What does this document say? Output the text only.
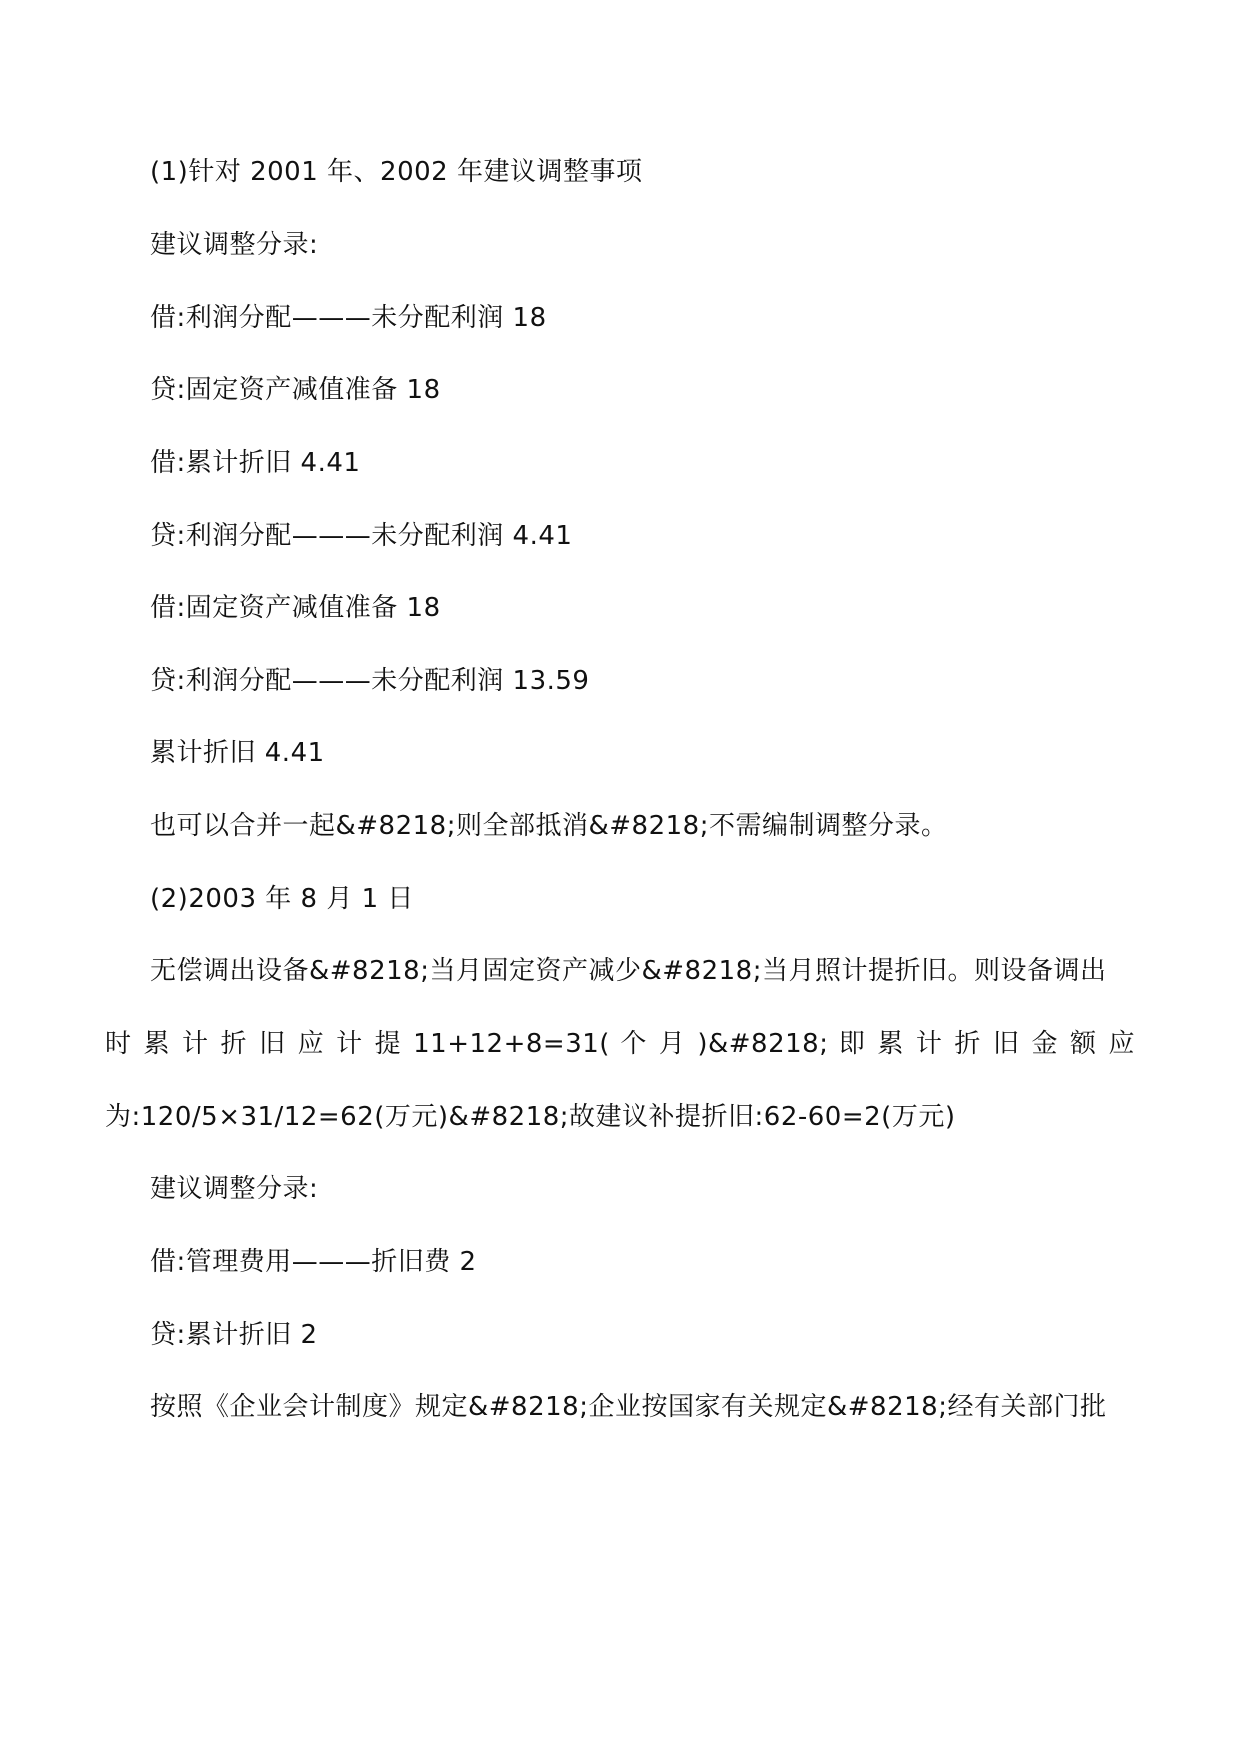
(1)针对 2001 年、2002 年建议调整事项
建议调整分录:
借:利润分配———未分配利润 18
贷:固定资产减值准备 18
借:累计折旧 4.41
贷:利润分配———未分配利润 4.41
借:固定资产减值准备 18
贷:利润分配———未分配利润 13.59
累计折旧 4.41
也可以合并一起&#8218;则全部抵消&#8218;不需编制调整分录。
(2)2003 年 8 月 1 日
无偿调出设备&#8218;当月固定资产减少&#8218;当月照计提折旧。则设备调出
时 累 计 折 旧 应 计 提 11+12+8=31( 个 月 )&#8218; 即 累 计 折 旧 金 额 应
为:120/5×31/12=62(万元)&#8218;故建议补提折旧:62-60=2(万元)
建议调整分录:
借:管理费用———折旧费 2
贷:累计折旧 2
按照《企业会计制度》规定&#8218;企业按国家有关规定&#8218;经有关部门批
